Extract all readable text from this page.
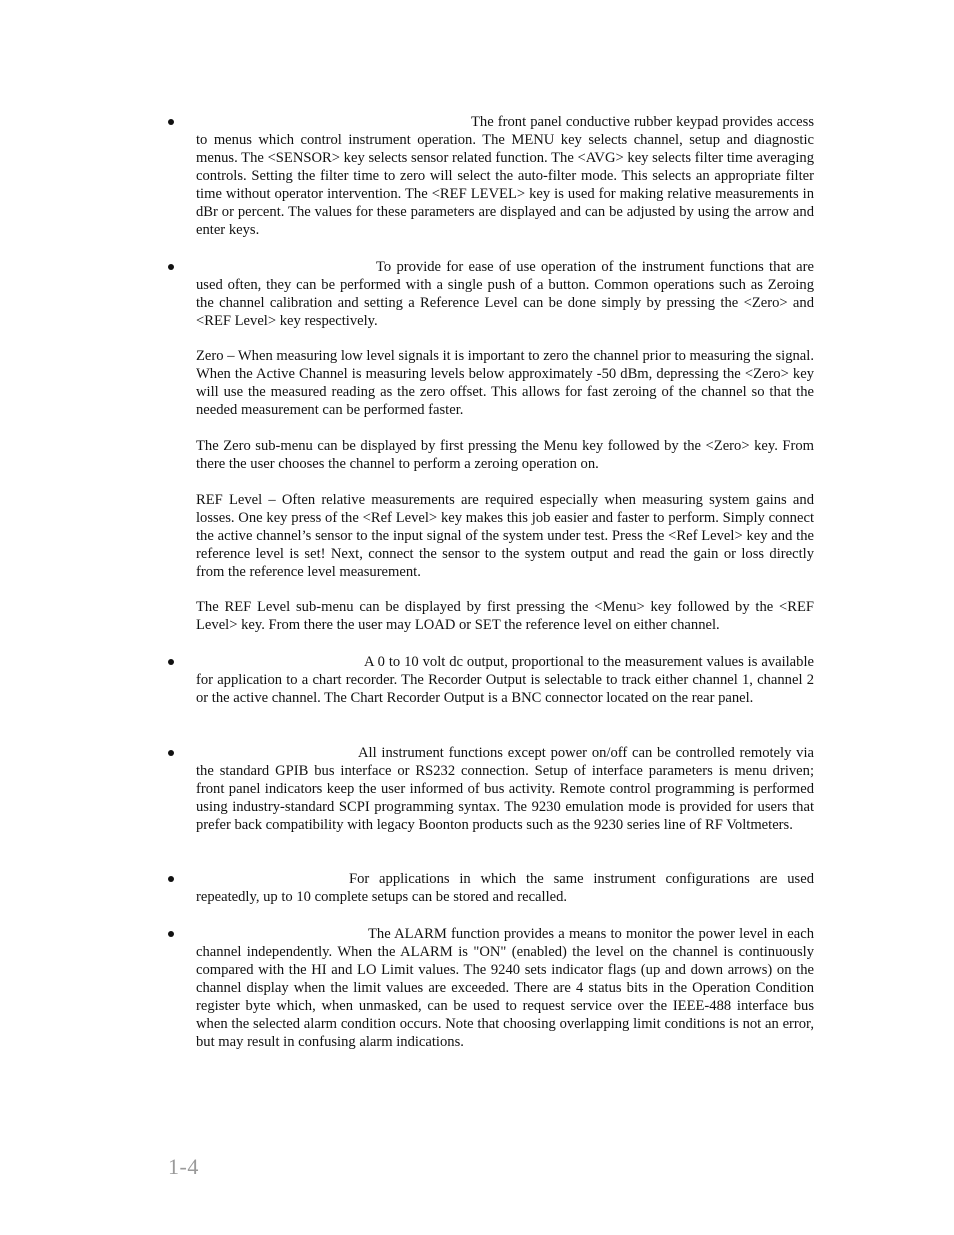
The front panel conductive rubber keypad provides access to menus which control instrument operation. The MENU key selects channel, setup and diagnostic menus. The <SENSOR> key selects sensor related function. The <AVG> key selects filter time averaging controls. Setting the filter time to zero will select the auto-filter mode. This selects an appropriate filter time without operator intervention. The <REF LEVEL> key is used for making relative measurements in dBr or percent. The values for these parameters are displayed and can be adjusted by using the arrow and enter keys.

To provide for ease of use operation of the instrument functions that are used often, they can be performed with a single push of a button. Common operations such as Zeroing the channel calibration and setting a Reference Level can be done simply by pressing the <Zero> and <REF Level> key respectively.

Zero – When measuring low level signals it is important to zero the channel prior to measuring the signal. When the Active Channel is measuring levels below approximately -50 dBm, depressing the <Zero> key will use the measured reading as the zero offset. This allows for fast zeroing of the channel so that the needed measurement can be performed faster.

The Zero sub-menu can be displayed by first pressing the Menu key followed by the <Zero> key. From there the user chooses the channel to perform a zeroing operation on.

REF Level – Often relative measurements are required especially when measuring system gains and losses. One key press of the <Ref Level> key makes this job easier and faster to perform. Simply connect the active channel’s sensor to the input signal of the system under test. Press the <Ref Level> key and the reference level is set! Next, connect the sensor to the system output and read the gain or loss directly from the reference level measurement.

The REF Level sub-menu can be displayed by first pressing the <Menu> key followed by the <REF Level> key. From there the user may LOAD or SET the reference level on either channel.

A 0 to 10 volt dc output, proportional to the measurement values is available for application to a chart recorder. The Recorder Output is selectable to track either channel 1, channel 2 or the active channel. The Chart Recorder Output is a BNC connector located on the rear panel.

All instrument functions except power on/off can be controlled remotely via the standard GPIB bus interface or RS232 connection. Setup of interface parameters is menu driven; front panel indicators keep the user informed of bus activity. Remote control programming is performed using industry-standard SCPI programming syntax. The 9230 emulation mode is provided for users that prefer back compatibility with legacy Boonton products such as the 9230 series line of RF Voltmeters.

For applications in which the same instrument configurations are used repeatedly, up to 10 complete setups can be stored and recalled.

The ALARM function provides a means to monitor the power level in each channel independently. When the ALARM is "ON" (enabled) the level on the channel is continuously compared with the HI and LO Limit values. The 9240 sets indicator flags (up and down arrows) on the channel display when the limit values are exceeded. There are 4 status bits in the Operation Condition register byte which, when unmasked, can be used to request service over the IEEE-488 interface bus when the selected alarm condition occurs. Note that choosing overlapping limit conditions is not an error, but may result in confusing alarm indications.

1-4
